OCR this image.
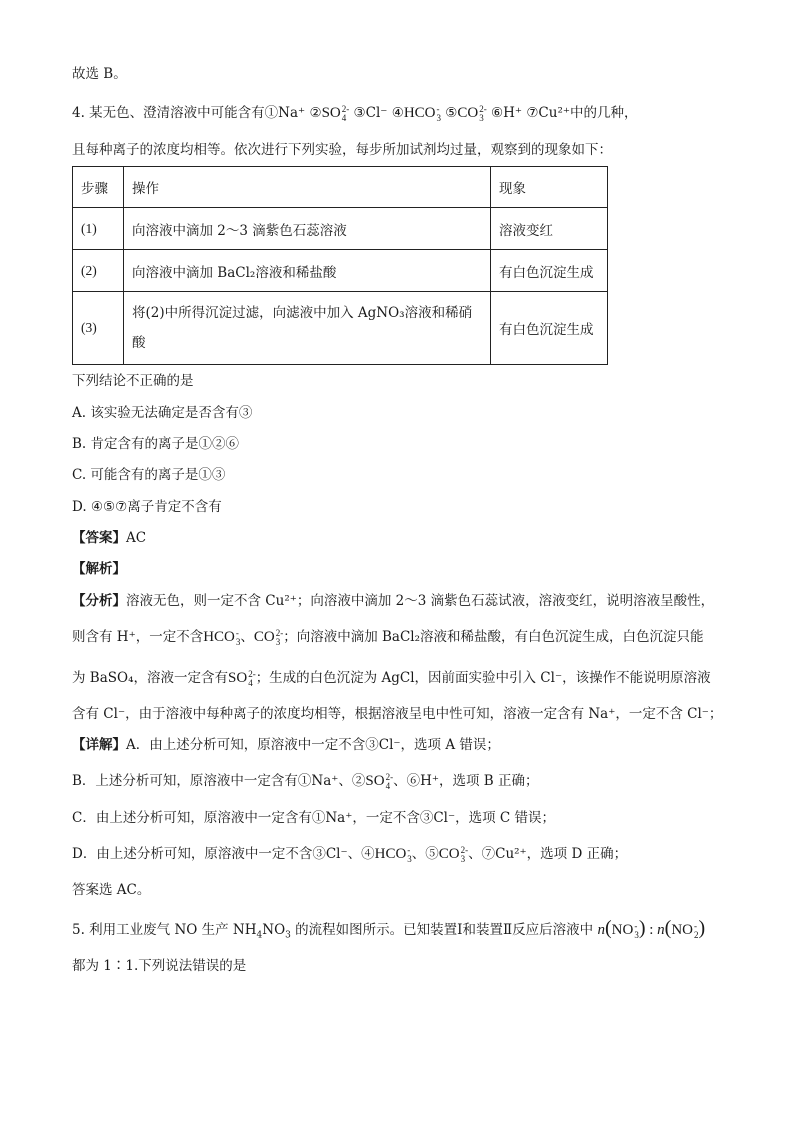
故选 B。
4. 某无色、澄清溶液中可能含有①Na⁺ ②SO 2-
4 ③Cl⁻ ④HCO -
3 ⑤CO 2-
3 ⑥H⁺ ⑦Cu²⁺中的几种，
且每种离子的浓度均相等。依次进行下列实验，每步所加试剂均过量，观察到的现象如下：
步骤	操作	现象
(1)	向溶液中滴加 2～3 滴紫色石蕊溶液	溶液变红
(2)	向溶液中滴加 BaCl₂溶液和稀盐酸	有白色沉淀生成
(3)	将(2)中所得沉淀过滤，向滤液中加入 AgNO₃溶液和稀硝
酸	有白色沉淀生成
下列结论不正确的是
A. 该实验无法确定是否含有③
B. 肯定含有的离子是①②⑥
C. 可能含有的离子是①③
D. ④⑤⑦离子肯定不含有
【答案】AC
【解析】
【分析】溶液无色，则一定不含 Cu²⁺；向溶液中滴加 2～3 滴紫色石蕊试液，溶液变红，说明溶液呈酸性，
则含有 H⁺，一定不含HCO -
3 、CO 2-
3 ；向溶液中滴加 BaCl₂溶液和稀盐酸，有白色沉淀生成，白色沉淀只能
为 BaSO₄，溶液一定含有SO 2-
4 ；生成的白色沉淀为 AgCl，因前面实验中引入 Cl⁻，该操作不能说明原溶液
含有 Cl⁻，由于溶液中每种离子的浓度均相等，根据溶液呈电中性可知，溶液一定含有 Na⁺，一定不含 Cl⁻；
【详解】A．由上述分析可知，原溶液中一定不含③Cl⁻，选项 A 错误；
B．上述分析可知，原溶液中一定含有①Na⁺、②SO 2-
4 、⑥H⁺，选项 B 正确；
C．由上述分析可知，原溶液中一定含有①Na⁺，一定不含③Cl⁻，选项 C 错误；
D．由上述分析可知，原溶液中一定不含③Cl⁻、④HCO -
3 、⑤CO 2-
3 、⑦Cu²⁺，选项 D 正确；
答案选 AC。
5. 利用工业废气 NO 生产 $NH_4NO_3$ 的流程如图所示。已知装置Ⅰ和装置Ⅱ反应后溶液中 n(NO -
3 ) : n(NO -
2 )
都为 1∶1.下列说法错误的是
